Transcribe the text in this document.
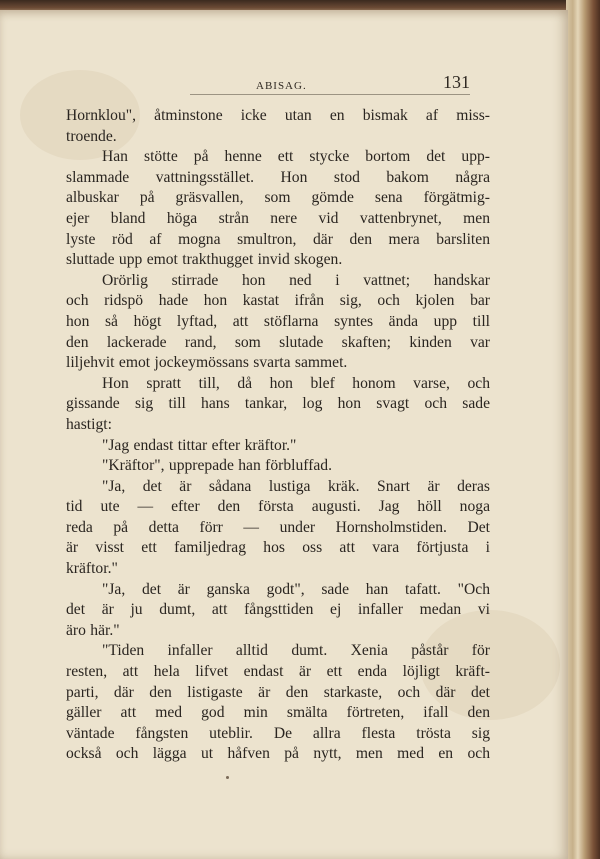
ABISAG.	131
Hornklou", åtminstone icke utan en bismak af miss-
troende.
Han stötte på henne ett stycke bortom det upp-
slammade vattningsstället. Hon stod bakom några
albuskar på gräsvallen, som gömde sena förgätmig-
ejer bland höga strån nere vid vattenbrynet, men
lyste röd af mogna smultron, där den mera barsliten
sluttade upp emot trakthugget invid skogen.
Orörlig stirrade hon ned i vattnet; handskar
och ridspö hade hon kastat ifrån sig, och kjolen bar
hon så högt lyftad, att stöflarna syntes ända upp till
den lackerade rand, som slutade skaften; kinden var
liljehvit emot jockeymössans svarta sammet.
Hon spratt till, då hon blef honom varse, och
gissande sig till hans tankar, log hon svagt och sade
hastigt:
"Jag endast tittar efter kräftor."
"Kräftor", upprepade han förbluffad.
"Ja, det är sådana lustiga kräk. Snart är deras
tid ute — efter den första augusti. Jag höll noga
reda på detta förr — under Hornsholmstiden. Det
är visst ett familjedrag hos oss att vara förtjusta i
kräftor."
"Ja, det är ganska godt", sade han tafatt. "Och
det är ju dumt, att fångsttiden ej infaller medan vi
äro här."
"Tiden infaller alltid dumt. Xenia påstår för
resten, att hela lifvet endast är ett enda löjligt kräft-
parti, där den listigaste är den starkaste, och där det
gäller att med god min smälta förtreten, ifall den
väntade fångsten uteblir. De allra flesta trösta sig
också och lägga ut håfven på nytt, men med en och
